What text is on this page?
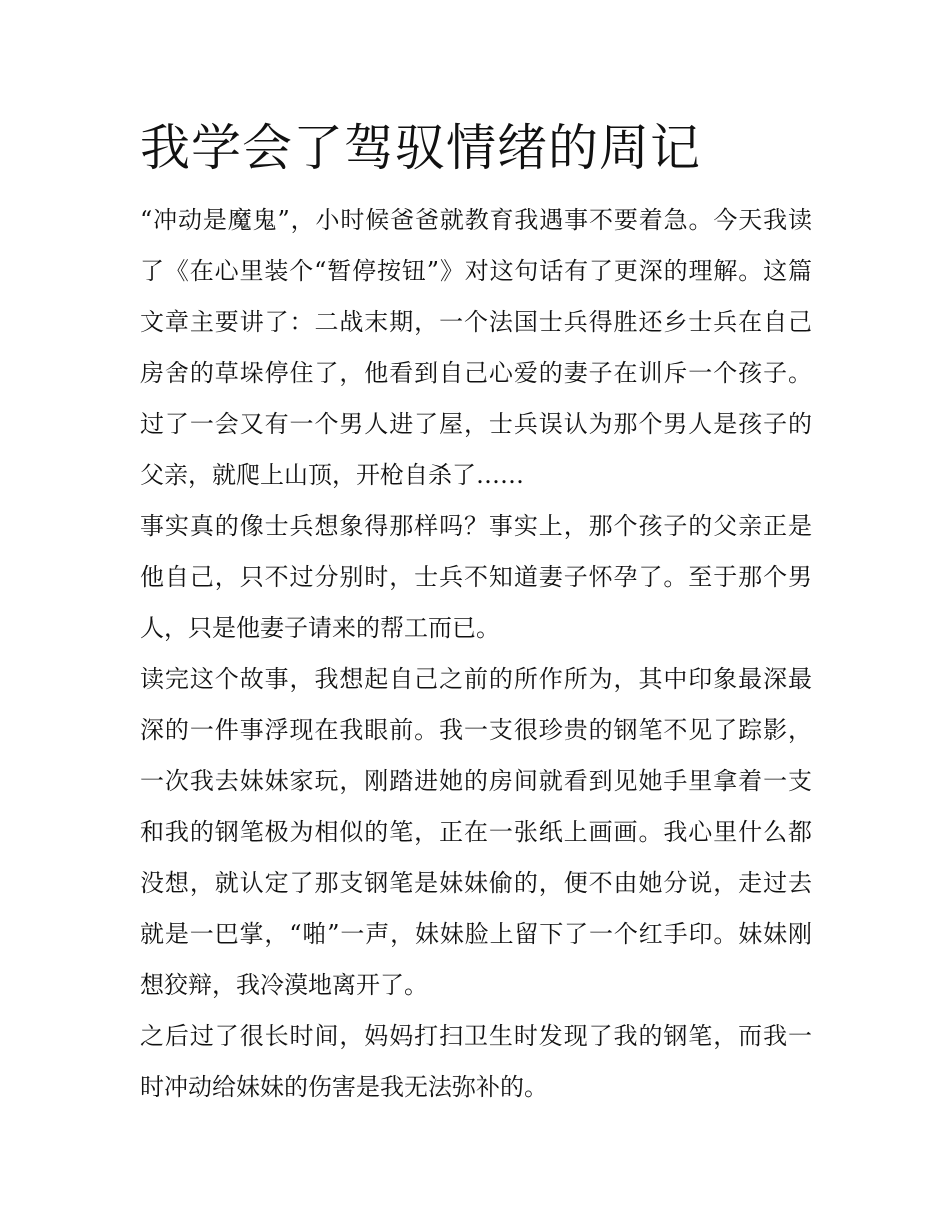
我学会了驾驭情绪的周记

“冲动是魔鬼”，小时候爸爸就教育我遇事不要着急。今天我读
了《在心里装个“暂停按钮”》对这句话有了更深的理解。这篇
文章主要讲了：二战末期，一个法国士兵得胜还乡士兵在自己
房舍的草垛停住了，他看到自己心爱的妻子在训斥一个孩子。
过了一会又有一个男人进了屋，士兵误认为那个男人是孩子的
父亲，就爬上山顶，开枪自杀了……

事实真的像士兵想象得那样吗？事实上，那个孩子的父亲正是
他自己，只不过分别时，士兵不知道妻子怀孕了。至于那个男
人，只是他妻子请来的帮工而已。

读完这个故事，我想起自己之前的所作所为，其中印象最深最
深的一件事浮现在我眼前。我一支很珍贵的钢笔不见了踪影，
一次我去妹妹家玩，刚踏进她的房间就看到见她手里拿着一支
和我的钢笔极为相似的笔，正在一张纸上画画。我心里什么都
没想，就认定了那支钢笔是妹妹偷的，便不由她分说，走过去
就是一巴掌，“啪”一声，妹妹脸上留下了一个红手印。妹妹刚
想狡辩，我冷漠地离开了。

之后过了很长时间，妈妈打扫卫生时发现了我的钢笔，而我一
时冲动给妹妹的伤害是我无法弥补的。
